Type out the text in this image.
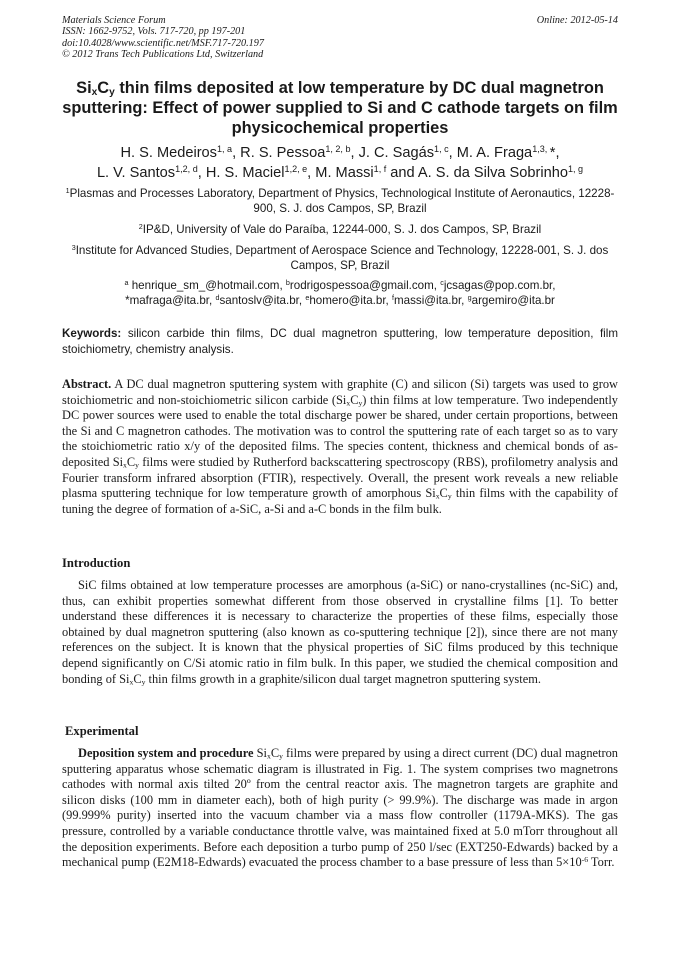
Materials Science Forum
ISSN: 1662-9752, Vols. 717-720, pp 197-201
doi:10.4028/www.scientific.net/MSF.717-720.197
© 2012 Trans Tech Publications Ltd, Switzerland
Online: 2012-05-14
$Si_xC_y$ thin films deposited at low temperature by DC dual magnetron
sputtering: Effect of power supplied to Si and C cathode targets on film
physicochemical properties
H. S. Medeiros$^{1, a}$, R. S. Pessoa$^{1, 2, b}$, J. C. Sagás$^{1, c}$, M. A. Fraga$^{1,3,}$ *,
L. V. Santos$^{1,2, d}$, H. S. Maciel$^{1,2, e}$, M. Massi$^{1, f}$ and A. S. da Silva Sobrinho$^{1, g}$
$^1$Plasmas and Processes Laboratory, Department of Physics, Technological Institute of Aeronautics, 12228-900, S. J. dos Campos, SP, Brazil
$^2$IP&D, University of Vale do Paraíba, 12244-000, S. J. dos Campos, SP, Brazil
$^3$Institute for Advanced Studies, Department of Aerospace Science and Technology, 12228-001, S. J. dos Campos, SP, Brazil
$^a$ henrique_sm_@hotmail.com, $^b$rodrigospessoa@gmail.com, $^c$jcsagas@pop.com.br,
*mafraga@ita.br, $^d$santoslv@ita.br, $^e$homero@ita.br, $^f$massi@ita.br, $^g$argemiro@ita.br
Keywords: silicon carbide thin films, DC dual magnetron sputtering, low temperature deposition, film stoichiometry, chemistry analysis.
Abstract. A DC dual magnetron sputtering system with graphite (C) and silicon (Si) targets was used to grow stoichiometric and non-stoichiometric silicon carbide $(Si_xC_y)$ thin films at low temperature. Two independently DC power sources were used to enable the total discharge power be shared, under certain proportions, between the Si and C magnetron cathodes. The motivation was to control the sputtering rate of each target so as to vary the stoichiometric ratio x/y of the deposited films. The species content, thickness and chemical bonds of as-deposited $Si_xC_y$ films were studied by Rutherford backscattering spectroscopy (RBS), profilometry analysis and Fourier transform infrared absorption (FTIR), respectively. Overall, the present work reveals a new reliable plasma sputtering technique for low temperature growth of amorphous $Si_xC_y$ thin films with the capability of tuning the degree of formation of a-SiC, a-Si and a-C bonds in the film bulk.
Introduction
SiC films obtained at low temperature processes are amorphous (a-SiC) or nano-crystallines (nc-SiC) and, thus, can exhibit properties somewhat different from those observed in crystalline films [1]. To better understand these differences it is necessary to characterize the properties of these films, especially those obtained by dual magnetron sputtering (also known as co-sputtering technique [2]), since there are not many references on the subject. It is known that the physical properties of SiC films produced by this technique depend significantly on C/Si atomic ratio in film bulk. In this paper, we studied the chemical composition and bonding of $Si_xC_y$ thin films growth in a graphite/silicon dual target magnetron sputtering system.
Experimental
Deposition system and procedure $Si_xC_y$ films were prepared by using a direct current (DC) dual magnetron sputtering apparatus whose schematic diagram is illustrated in Fig. 1. The system comprises two magnetrons cathodes with normal axis tilted 20º from the central reactor axis. The magnetron targets are graphite and silicon disks (100 mm in diameter each), both of high purity (> 99.9%). The discharge was made in argon (99.999% purity) inserted into the vacuum chamber via a mass flow controller (1179A-MKS). The gas pressure, controlled by a variable conductance throttle valve, was maintained fixed at 5.0 mTorr throughout all the deposition experiments. Before each deposition a turbo pump of 250 l/sec (EXT250-Edwards) backed by a mechanical pump (E2M18-Edwards) evacuated the process chamber to a base pressure of less than $5\times 10^{-6}$ Torr.
